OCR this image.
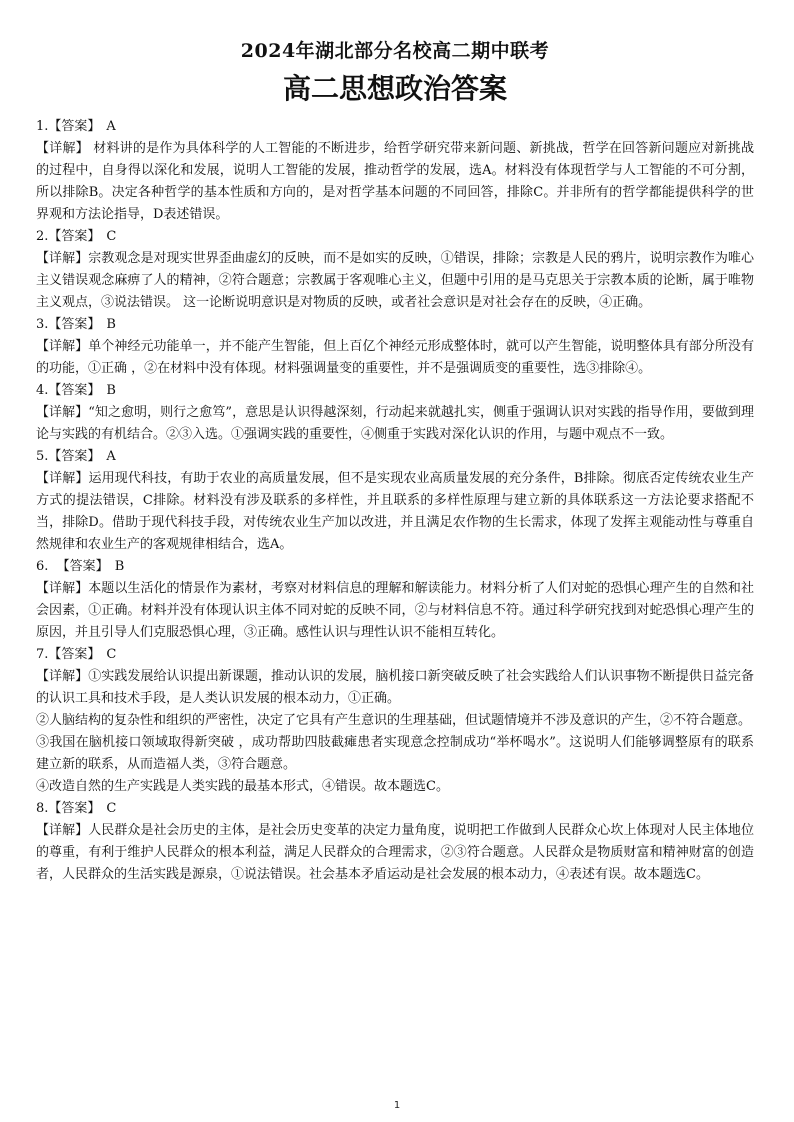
2024年湖北部分名校高二期中联考
高二思想政治答案

1.【答案】 A

【详解】 材料讲的是作为具体科学的人工智能的不断进步，给哲学研究带来新问题、新挑战，哲学在回答新问题应对新挑战的过程中，自身得以深化和发展，说明人工智能的发展，推动哲学的发展，选A。材料没有体现哲学与人工智能的不可分割，所以排除B。决定各种哲学的基本性质和方向的，是对哲学基本问题的不同回答，排除C。并非所有的哲学都能提供科学的世界观和方法论指导，D表述错误。

2.【答案】 C

【详解】宗教观念是对现实世界歪曲虚幻的反映，而不是如实的反映，①错误，排除；宗教是人民的鸦片，说明宗教作为唯心主义错误观念麻痹了人的精神，②符合题意；宗教属于客观唯心主义，但题中引用的是马克思关于宗教本质的论断，属于唯物主义观点，③说法错误。 这一论断说明意识是对物质的反映，或者社会意识是对社会存在的反映，④正确。

3.【答案】 B

【详解】单个神经元功能单一，并不能产生智能，但上百亿个神经元形成整体时，就可以产生智能，说明整体具有部分所没有的功能，①正确 ，②在材料中没有体现。材料强调量变的重要性，并不是强调质变的重要性，选③排除④。

4.【答案】 B

【详解】“知之愈明，则行之愈笃”，意思是认识得越深刻，行动起来就越扎实，侧重于强调认识对实践的指导作用，要做到理论与实践的有机结合。②③入选。①强调实践的重要性，④侧重于实践对深化认识的作用，与题中观点不一致。

5.【答案】 A

【详解】运用现代科技，有助于农业的高质量发展，但不是实现农业高质量发展的充分条件，B排除。彻底否定传统农业生产方式的提法错误，C排除。材料没有涉及联系的多样性，并且联系的多样性原理与建立新的具体联系这一方法论要求搭配不当，排除D。借助于现代科技手段，对传统农业生产加以改进，并且满足农作物的生长需求，体现了发挥主观能动性与尊重自然规律和农业生产的客观规律相结合，选A。

6.  【答案】 B

【详解】本题以生活化的情景作为素材，考察对材料信息的理解和解读能力。材料分析了人们对蛇的恐惧心理产生的自然和社会因素，①正确。材料并没有体现认识主体不同对蛇的反映不同，②与材料信息不符。通过科学研究找到对蛇恐惧心理产生的原因，并且引导人们克服恐惧心理，③正确。感性认识与理性认识不能相互转化。

7.【答案】 C

【详解】①实践发展给认识提出新课题，推动认识的发展，脑机接口新突破反映了社会实践给人们认识事物不断提供日益完备的认识工具和技术手段，是人类认识发展的根本动力，①正确。

②人脑结构的复杂性和组织的严密性，决定了它具有产生意识的生理基础，但试题情境并不涉及意识的产生，②不符合题意。

③我国在脑机接口领域取得新突破 ，成功帮助四肢截瘫患者实现意念控制成功“举杯喝水”。这说明人们能够调整原有的联系建立新的联系，从而造福人类，③符合题意。

④改造自然的生产实践是人类实践的最基本形式，④错误。故本题选C。

8.【答案】 C

【详解】人民群众是社会历史的主体，是社会历史变革的决定力量角度，说明把工作做到人民群众心坎上体现对人民主体地位的尊重，有利于维护人民群众的根本利益，满足人民群众的合理需求，②③符合题意。人民群众是物质财富和精神财富的创造者，人民群众的生活实践是源泉，①说法错误。社会基本矛盾运动是社会发展的根本动力，④表述有误。故本题选C。

1
